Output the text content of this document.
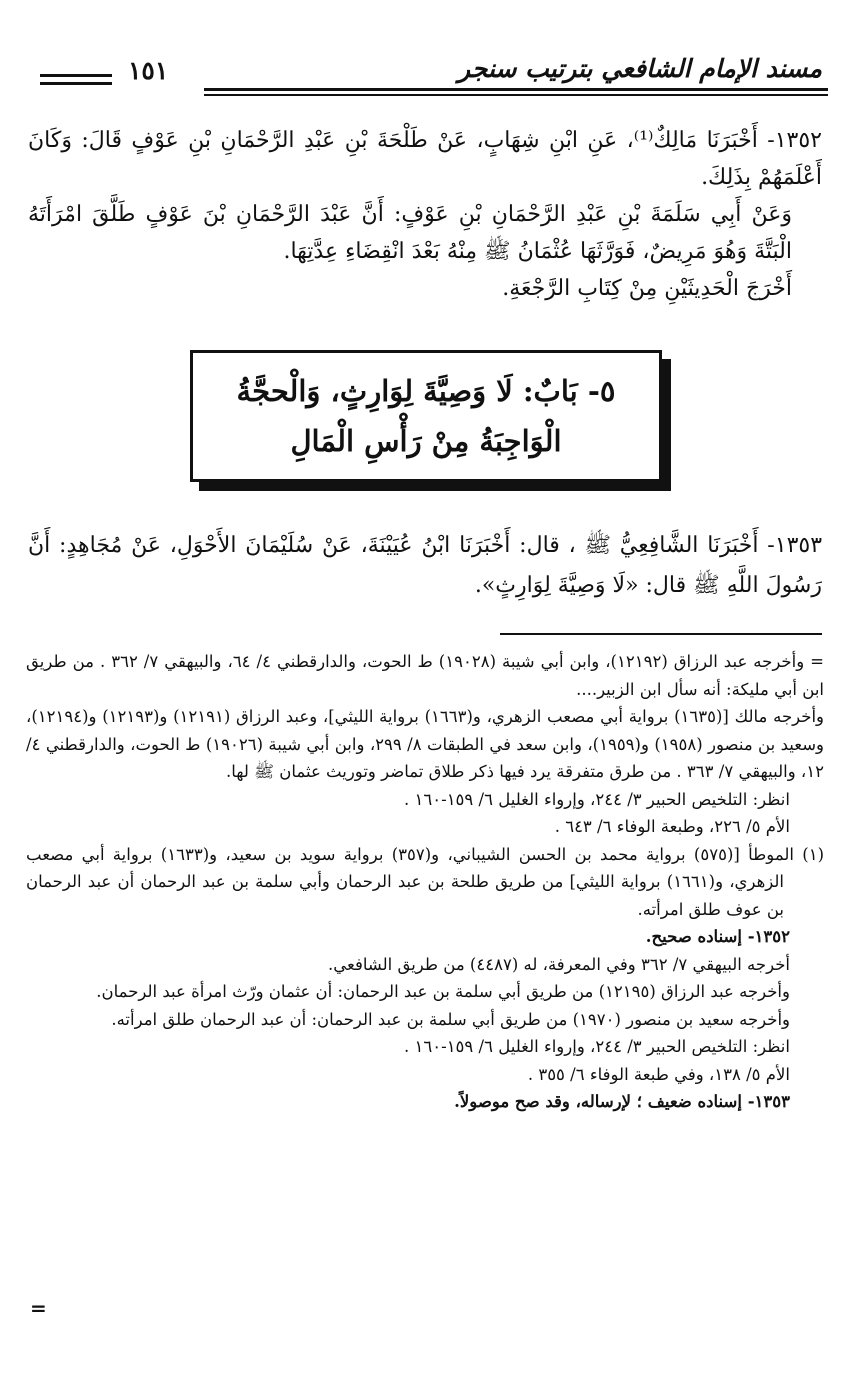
مسند الإمام الشافعي بترتيب سنجر
١٥١

١٣٥٢- أَخْبَرَنَا مَالِكٌ⁽¹⁾، عَنِ ابْنِ شِهَابٍ، عَنْ طَلْحَةَ بْنِ عَبْدِ الرَّحْمَانِ بْنِ عَوْفٍ قَالَ: وَكَانَ أَعْلَمَهُمْ بِذَلِكَ.

وَعَنْ أَبِي سَلَمَةَ بْنِ عَبْدِ الرَّحْمَانِ بْنِ عَوْفٍ: أَنَّ عَبْدَ الرَّحْمَانِ بْنَ عَوْفٍ طَلَّقَ امْرَأَتَهُ الْبَتَّةَ وَهُوَ مَرِيضٌ، فَوَرَّثَهَا عُثْمَانُ ﷺ مِنْهُ بَعْدَ انْقِضَاءِ عِدَّتِهَا.

أَخْرَجَ الْحَدِيثَيْنِ مِنْ كِتَابِ الرَّجْعَةِ.

٥- بَابٌ: لَا وَصِيَّةَ لِوَارِثٍ، وَالْحجَّةُ
الْوَاجِبَةُ مِنْ رَأْسِ الْمَالِ

١٣٥٣- أَخْبَرَنَا الشَّافِعِيُّ ﷺ ، قال: أَخْبَرَنَا ابْنُ عُيَيْنَةَ، عَنْ سُلَيْمَانَ الأَحْوَلِ، عَنْ مُجَاهِدٍ: أَنَّ رَسُولَ اللَّهِ ﷺ قال: «لَا وَصِيَّةَ لِوَارِثٍ».

= وأخرجه عبد الرزاق (١٢١٩٢)، وابن أبي شيبة (١٩٠٢٨) ط الحوت، والدارقطني ٤/ ٦٤، والبيهقي ٧/ ٣٦٢ . من طريق ابن أبي مليكة: أنه سأل ابن الزبير....

وأخرجه مالك [(١٦٣٥) برواية أبي مصعب الزهري، و(١٦٦٣) برواية الليثي]، وعبد الرزاق (١٢١٩١) و(١٢١٩٣) و(١٢١٩٤)، وسعيد بن منصور (١٩٥٨) و(١٩٥٩)، وابن سعد في الطبقات ٨/ ٢٩٩، وابن أبي شيبة (١٩٠٢٦) ط الحوت، والدارقطني ٤/ ١٢، والبيهقي ٧/ ٣٦٣ . من طرق متفرقة يرد فيها ذكر طلاق تماضر وتوريث عثمان ﷺ لها.

انظر: التلخيص الحبير ٣/ ٢٤٤، وإرواء الغليل ٦/ ١٥٩-١٦٠ .

الأم ٥/ ٢٢٦، وطبعة الوفاء ٦/ ٦٤٣ .

(١) الموطأ [(٥٧٥) برواية محمد بن الحسن الشيباني، و(٣٥٧) برواية سويد بن سعيد، و(١٦٣٣) برواية أبي مصعب الزهري، و(١٦٦١) برواية الليثي] من طريق طلحة بن عبد الرحمان وأبي سلمة بن عبد الرحمان أن عبد الرحمان بن عوف طلق امرأته.

١٣٥٢- إسناده صحيح.

أخرجه البيهقي ٧/ ٣٦٢ وفي المعرفة، له (٤٤٨٧) من طريق الشافعي.

وأخرجه عبد الرزاق (١٢١٩٥) من طريق أبي سلمة بن عبد الرحمان: أن عثمان ورّث امرأة عبد الرحمان.

وأخرجه سعيد بن منصور (١٩٧٠) من طريق أبي سلمة بن عبد الرحمان: أن عبد الرحمان طلق امرأته.

انظر: التلخيص الحبير ٣/ ٢٤٤، وإرواء الغليل ٦/ ١٥٩-١٦٠ .

الأم ٥/ ١٣٨، وفي طبعة الوفاء ٦/ ٣٥٥ .

١٣٥٣- إسناده ضعيف ؛ لإرساله، وقد صح موصولاً.

=
